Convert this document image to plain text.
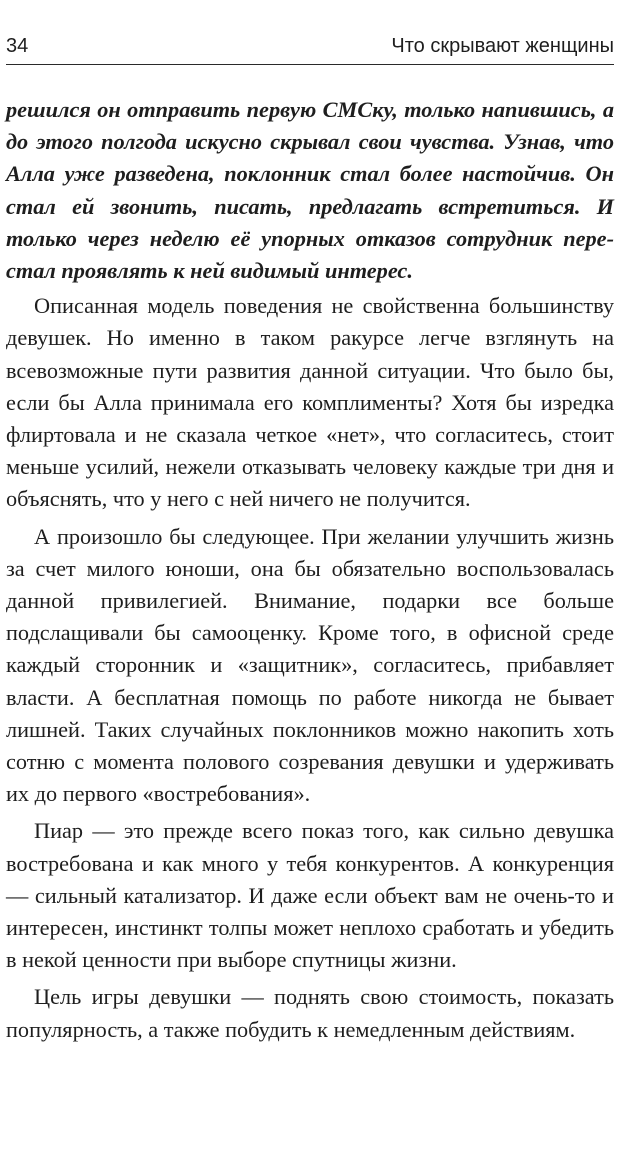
34	Что скрывают женщины

решился он отправить первую СМСку, только напившись, а до этого полгода искусно скрывал свои чувства. Узнав, что Алла уже разведена, поклонник стал более настойчив. Он стал ей звонить, писать, предлагать встретиться. И только через неделю её упорных отказов сотрудник перестал проявлять к ней видимый интерес.

Описанная модель поведения не свойственна большинству девушек. Но именно в таком ракурсе легче взглянуть на всевозможные пути развития данной ситуации. Что было бы, если бы Алла принимала его комплименты? Хотя бы изредка флиртовала и не сказала четкое «нет», что согласитесь, стоит меньше усилий, нежели отказывать человеку каждые три дня и объяснять, что у него с ней ничего не получится.

А произошло бы следующее. При желании улучшить жизнь за счет милого юноши, она бы обязательно воспользовалась данной привилегией. Внимание, подарки все больше подслащивали бы самооценку. Кроме того, в офисной среде каждый сторонник и «защитник», согласитесь, прибавляет власти. А бесплатная помощь по работе никогда не бывает лишней. Таких случайных поклонников можно накопить хоть сотню с момента полового созревания девушки и удерживать их до первого «востребования».

Пиар — это прежде всего показ того, как сильно девушка востребована и как много у тебя конкурентов. А конкуренция — сильный катализатор. И даже если объект вам не очень-то и интересен, инстинкт толпы может неплохо сработать и убедить в некой ценности при выборе спутницы жизни.

Цель игры девушки — поднять свою стоимость, показать популярность, а также побудить к немедленным действиям.
